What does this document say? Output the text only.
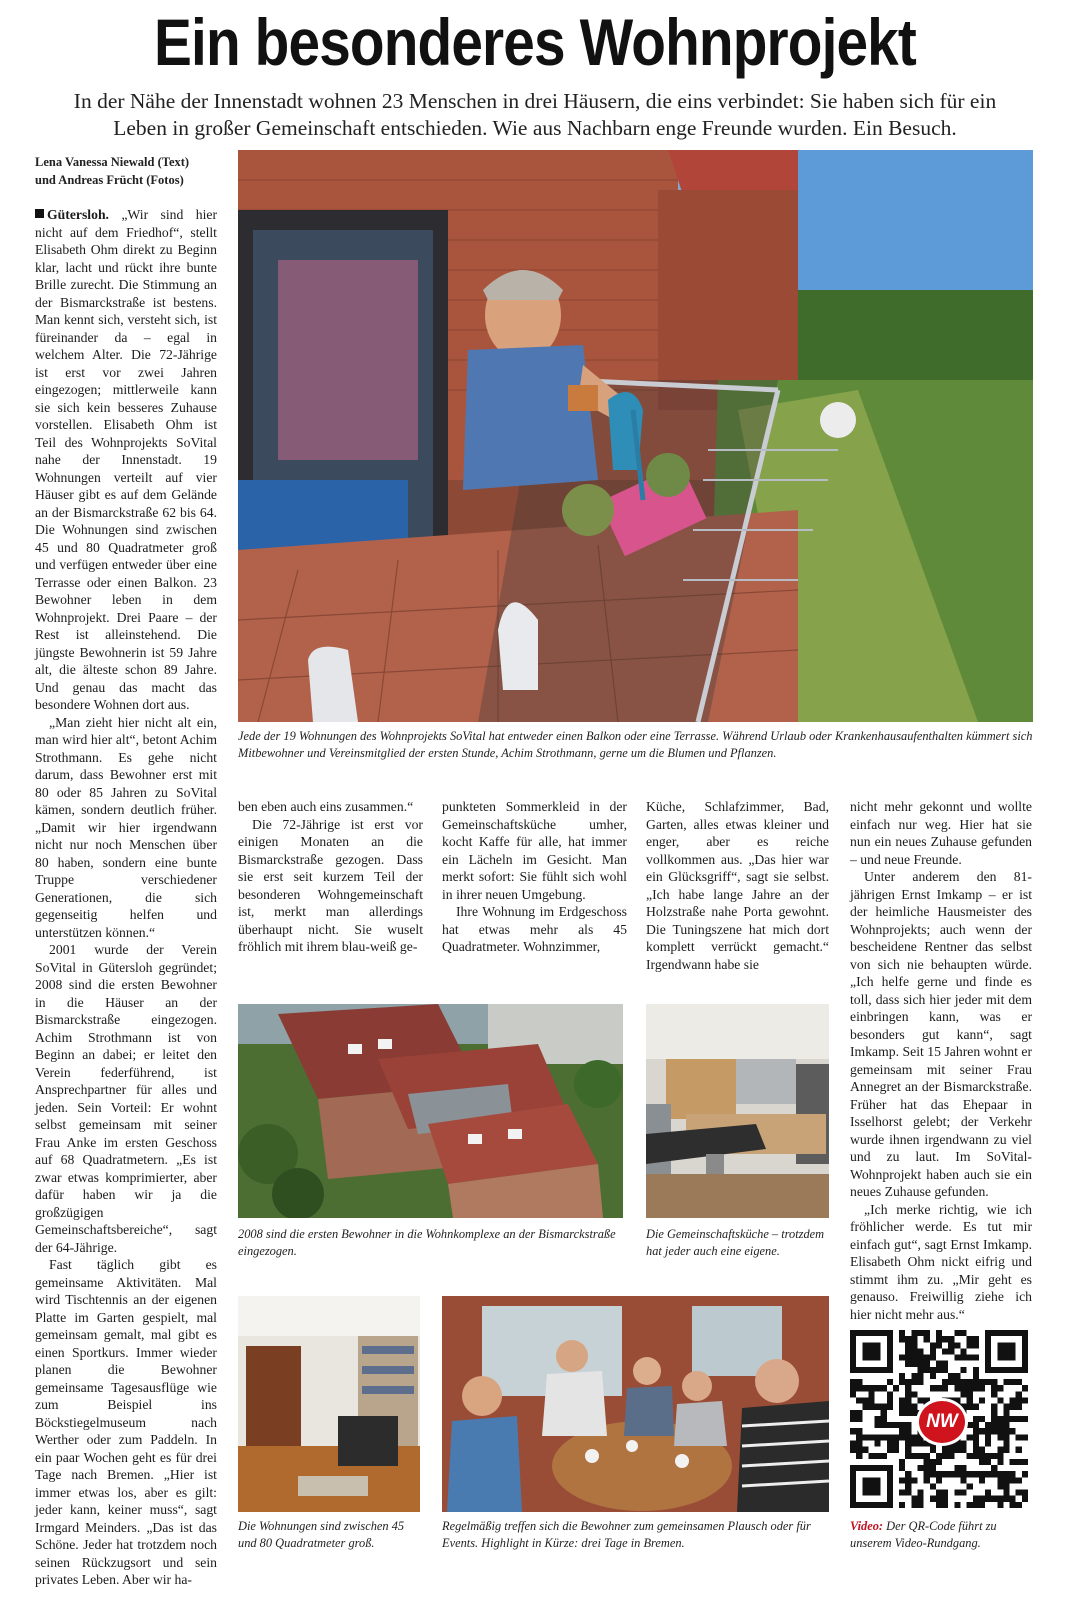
Ein besonderes Wohnprojekt
In der Nähe der Innenstadt wohnen 23 Menschen in drei Häusern, die eins verbindet: Sie haben sich für ein Leben in großer Gemeinschaft entschieden. Wie aus Nachbarn enge Freunde wurden. Ein Besuch.
Lena Vanessa Niewald (Text)
und Andreas Frücht (Fotos)

Gütersloh. „Wir sind hier nicht auf dem Friedhof“, stellt Elisabeth Ohm direkt zu Beginn klar, lacht und rückt ihre bunte Brille zurecht. Die Stimmung an der Bismarckstraße ist bestens. Man kennt sich, versteht sich, ist füreinander da – egal in welchem Alter. Die 72-Jährige ist erst vor zwei Jahren eingezogen; mittlerweile kann sie sich kein besseres Zuhause vorstellen. Elisabeth Ohm ist Teil des Wohnprojekts SoVital nahe der Innenstadt. 19 Wohnungen verteilt auf vier Häuser gibt es auf dem Gelände an der Bismarckstraße 62 bis 64. Die Wohnungen sind zwischen 45 und 80 Quadratmeter groß und verfügen entweder über eine Terrasse oder einen Balkon. 23 Bewohner leben in dem Wohnprojekt. Drei Paare – der Rest ist alleinstehend. Die jüngste Bewohnerin ist 59 Jahre alt, die älteste schon 89 Jahre. Und genau das macht das besondere Wohnen dort aus.

„Man zieht hier nicht alt ein, man wird hier alt“, betont Achim Strothmann. Es gehe nicht darum, dass Bewohner erst mit 80 oder 85 Jahren zu SoVital kämen, sondern deutlich früher. „Damit wir hier irgendwann nicht nur noch Menschen über 80 haben, sondern eine bunte Truppe verschiedener Generationen, die sich gegenseitig helfen und unterstützen können.“

2001 wurde der Verein SoVital in Gütersloh gegründet; 2008 sind die ersten Bewohner in die Häuser an der Bismarckstraße eingezogen. Achim Strothmann ist von Beginn an dabei; er leitet den Verein federführend, ist Ansprechpartner für alles und jeden. Sein Vorteil: Er wohnt selbst gemeinsam mit seiner Frau Anke im ersten Geschoss auf 68 Quadratmetern. „Es ist zwar etwas komprimierter, aber dafür haben wir ja die großzügigen Gemeinschaftsbereiche“, sagt der 64-Jährige.

Fast täglich gibt es gemeinsame Aktivitäten. Mal wird Tischtennis an der eigenen Platte im Garten gespielt, mal gemeinsam gemalt, mal gibt es einen Sportkurs. Immer wieder planen die Bewohner gemeinsame Tagesausflüge wie zum Beispiel ins Böckstiegelmuseum nach Werther oder zum Paddeln. In ein paar Wochen geht es für drei Tage nach Bremen. „Hier ist immer etwas los, aber es gilt: jeder kann, keiner muss“, sagt Irmgard Meinders. „Das ist das Schöne. Jeder hat trotzdem noch seinen Rückzugsort und sein privates Leben. Aber wir ha-

Jede der 19 Wohnungen des Wohnprojekts SoVital hat entweder einen Balkon oder eine Terrasse. Während Urlaub oder Krankenhausaufenthalten kümmert sich Mitbewohner und Vereinsmitglied der ersten Stunde, Achim Strothmann, gerne um die Blumen und Pflanzen.

ben eben auch eins zusammen.“

Die 72-Jährige ist erst vor einigen Monaten an die Bismarckstraße gezogen. Dass sie erst seit kurzem Teil der besonderen Wohngemeinschaft ist, merkt man allerdings überhaupt nicht. Sie wuselt fröhlich mit ihrem blau-weiß ge-

punkteten Sommerkleid in der Gemeinschaftsküche umher, kocht Kaffe für alle, hat immer ein Lächeln im Gesicht. Man merkt sofort: Sie fühlt sich wohl in ihrer neuen Umgebung.

Ihre Wohnung im Erdgeschoss hat etwas mehr als 45 Quadratmeter. Wohnzimmer,

Küche, Schlafzimmer, Bad, Garten, alles etwas kleiner und enger, aber es reiche vollkommen aus. „Das hier war ein Glücksgriff“, sagt sie selbst. „Ich habe lange Jahre an der Holzstraße nahe Porta gewohnt. Die Tuningszene hat mich dort komplett verrückt gemacht.“ Irgendwann habe sie

nicht mehr gekonnt und wollte einfach nur weg. Hier hat sie nun ein neues Zuhause gefunden – und neue Freunde.

Unter anderem den 81-jährigen Ernst Imkamp – er ist der heimliche Hausmeister des Wohnprojekts; auch wenn der bescheidene Rentner das selbst von sich nie behaupten würde. „Ich helfe gerne und finde es toll, dass sich hier jeder mit dem einbringen kann, was er besonders gut kann“, sagt Imkamp. Seit 15 Jahren wohnt er gemeinsam mit seiner Frau Annegret an der Bismarckstraße. Früher hat das Ehepaar in Isselhorst gelebt; der Verkehr wurde ihnen irgendwann zu viel und zu laut. Im SoVital-Wohnprojekt haben auch sie ein neues Zuhause gefunden.

„Ich merke richtig, wie ich fröhlicher werde. Es tut mir einfach gut“, sagt Ernst Imkamp. Elisabeth Ohm nickt eifrig und stimmt ihm zu. „Mir geht es genauso. Freiwillig ziehe ich hier nicht mehr aus.“

2008 sind die ersten Bewohner in die Wohnkomplexe an der Bismarckstraße eingezogen.
Die Gemeinschaftsküche – trotzdem hat jeder auch eine eigene.
Die Wohnungen sind zwischen 45 und 80 Quadratmeter groß.
Regelmäßig treffen sich die Bewohner zum gemeinsamen Plausch oder für Events. Highlight in Kürze: drei Tage in Bremen.
NW
Video: Der QR-Code führt zu unserem Video-Rundgang.
